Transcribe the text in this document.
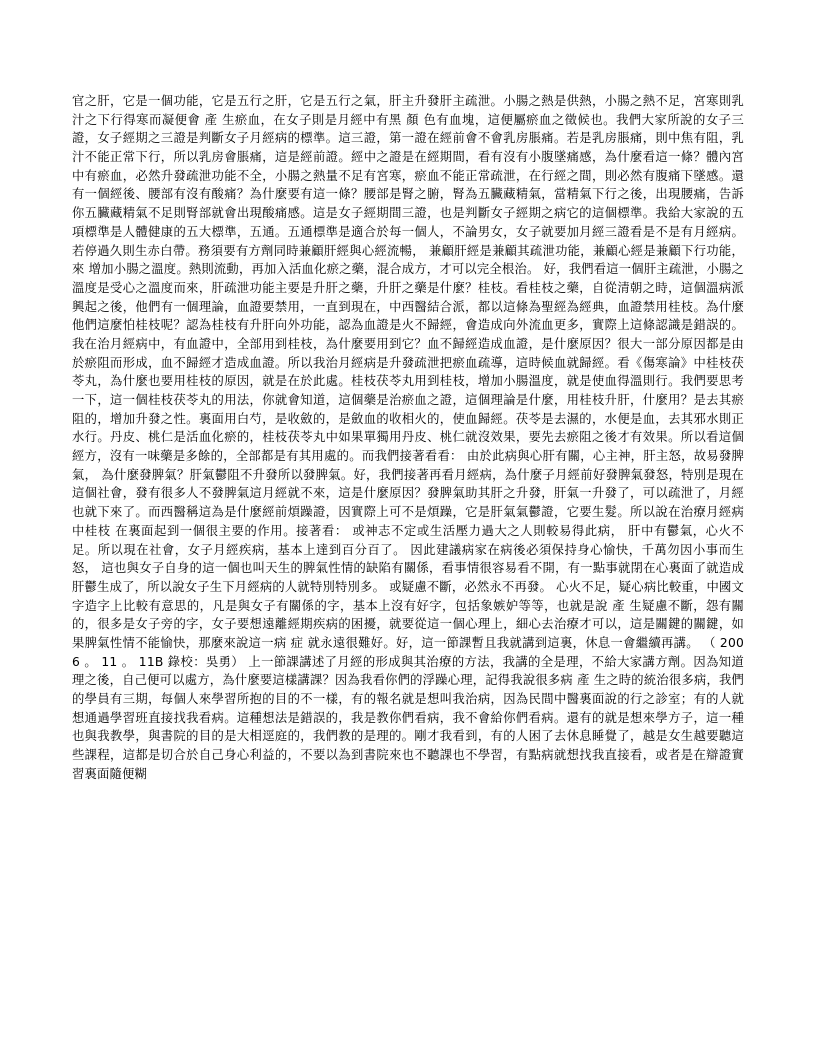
官之肝，它是一個功能，它是五行之肝，它是五行之氣，肝主升發肝主疏泄。小腸之熱是供熱，小腸之熱不足，宮寒則乳汁之下行得寒而凝便會 產 生瘀血，在女子則是月經中有黑 顏 色有血塊，這便屬瘀血之徵候也。我們大家所說的女子三證，女子經期之三證是判斷女子月經病的標準。這三證，第一證在經前會不會乳房脹痛。若是乳房脹痛，則中焦有阻，乳汁不能正常下行，所以乳房會脹痛，這是經前證。經中之證是在經期間，看有沒有小腹墜痛感，為什麼看這一條？體內宮中有瘀血，必然升發疏泄功能不全，小腸之熱量不足有宮寒，瘀血不能正常疏泄，在行經之間，則必然有腹痛下墜感。還有一個經後、腰部有沒有酸痛？為什麼要有這一條？腰部是腎之腑，腎為五臟藏精氣，當精氣下行之後，出現腰痛，告訴你五臟藏精氣不足則腎部就會出現酸痛感。這是女子經期間三證，也是判斷女子經期之病它的這個標準。我給大家說的五項標準是人體健康的五大標準，五通。五通標準是適合於每一個人，不論男女，女子就要加月經三證看是不是有月經病。 若停過久則生赤白帶。務須要有方劑同時兼顧肝經與心經流暢， 兼顧肝經是兼顧其疏泄功能，兼顧心經是兼顧下行功能，來 增加小腸之溫度。熱則流動，再加入活血化瘀之藥，混合成方，才可以完全根治。 好，我們看這一個肝主疏泄，小腸之溫度是受心之溫度而來，肝疏泄功能主要是升肝之藥，升肝之藥是什麼？桂枝。看桂枝之藥，自從清朝之時，這個溫病派興起之後，他們有一個理論，血證要禁用，一直到現在，中西醫結合派，都以這條為聖經為經典，血證禁用桂枝。為什麼他們這麼怕桂枝呢？認為桂枝有升肝向外功能，認為血證是火不歸經，會造成向外流血更多，實際上這條認識是錯誤的。我在治月經病中，有血證中，全部用到桂枝，為什麼要用到它？血不歸經造成血證，是什麼原因？很大一部分原因都是由於瘀阻而形成，血不歸經才造成血證。所以我治月經病是升發疏泄把瘀血疏導，這時候血就歸經。看《傷寒論》中桂枝茯苓丸，為什麼也要用桂枝的原因，就是在於此處。桂枝茯苓丸用到桂枝，增加小腸溫度，就是使血得溫則行。我們要思考一下，這一個桂枝茯苓丸的用法，你就會知道，這個藥是治瘀血之證，這個理論是什麼，用桂枝升肝，什麼用？是去其瘀阻的，增加升發之性。裏面用白芍，是收斂的，是斂血的收相火的，使血歸經。茯苓是去濕的，水便是血，去其邪水則正水行。丹皮、桃仁是活血化瘀的，桂枝茯苓丸中如果單獨用丹皮、桃仁就沒效果，要先去瘀阻之後才有效果。所以看這個經方，沒有一味藥是多餘的，全部都是有其用處的。而我們接著看看： 由於此病與心肝有關，心主神，肝主怒，故易發脾氣， 為什麼發脾氣？肝氣鬱阻不升發所以發脾氣。好，我們接著再看月經病，為什麼子月經前好發脾氣發怒，特別是現在這個社會，發有很多人不發脾氣這月經就不來，這是什麼原因？發脾氣助其肝之升發，肝氣一升發了，可以疏泄了，月經也就下來了。而西醫稱這為是什麼經前煩躁證，因實際上可不是煩躁，它是肝氣氣鬱證，它要生髮。所以說在治療月經病中桂枝 在裏面起到一個很主要的作用。接著看： 或神志不定或生活壓力過大之人則較易得此病， 肝中有鬱氣，心火不足。所以現在社會，女子月經疾病，基本上達到百分百了。 因此建議病家在病後必須保持身心愉快，千萬勿因小事而生怒， 這也與女子自身的這一個也叫天生的脾氣性情的缺陷有關係，看事情很容易看不開，有一點事就閉在心裏面了就造成肝鬱生成了，所以說女子生下月經病的人就特別特別多。 或疑慮不斷，必然永不再發。 心火不足，疑心病比較重，中國文字造字上比較有意思的，凡是與女子有關係的字，基本上沒有好字，包括象嫉妒等等，也就是說 產 生疑慮不斷，怨有關的，很多是女子旁的字，女子要想遠離經期疾病的困擾，就要從這一個心理上，細心去治療才可以，這是關鍵的關鍵，如果脾氣性情不能愉快，那麼來說這一病 症 就永遠很難好。好，這一節課暫且我就講到這裏，休息一會繼續再講。 （ 2006 。 11 。 11B 錄校：吳勇） 上一節課講述了月經的形成與其治療的方法，我講的全是理，不給大家講方劑。因為知道理之後，自己便可以處方，為什麼要這樣講課？因為我看你們的浮躁心理，記得我說很多病 產 生之時的統治很多病，我們的學員有三期，每個人來學習所抱的目的不一樣，有的報名就是想叫我治病，因為民間中醫裏面說的行之診室；有的人就想通過學習班直接找我看病。這種想法是錯誤的，我是教你們看病，我不會給你們看病。還有的就是想來學方子，這一種也與我教學，與書院的目的是大相逕庭的，我們教的是理的。剛才我看到，有的人困了去休息睡覺了，越是女生越要聽這些課程，這都是切合於自己身心利益的，不要以為到書院來也不聽課也不學習，有點病就想找我直接看，或者是在辯證實習裏面隨便糊
